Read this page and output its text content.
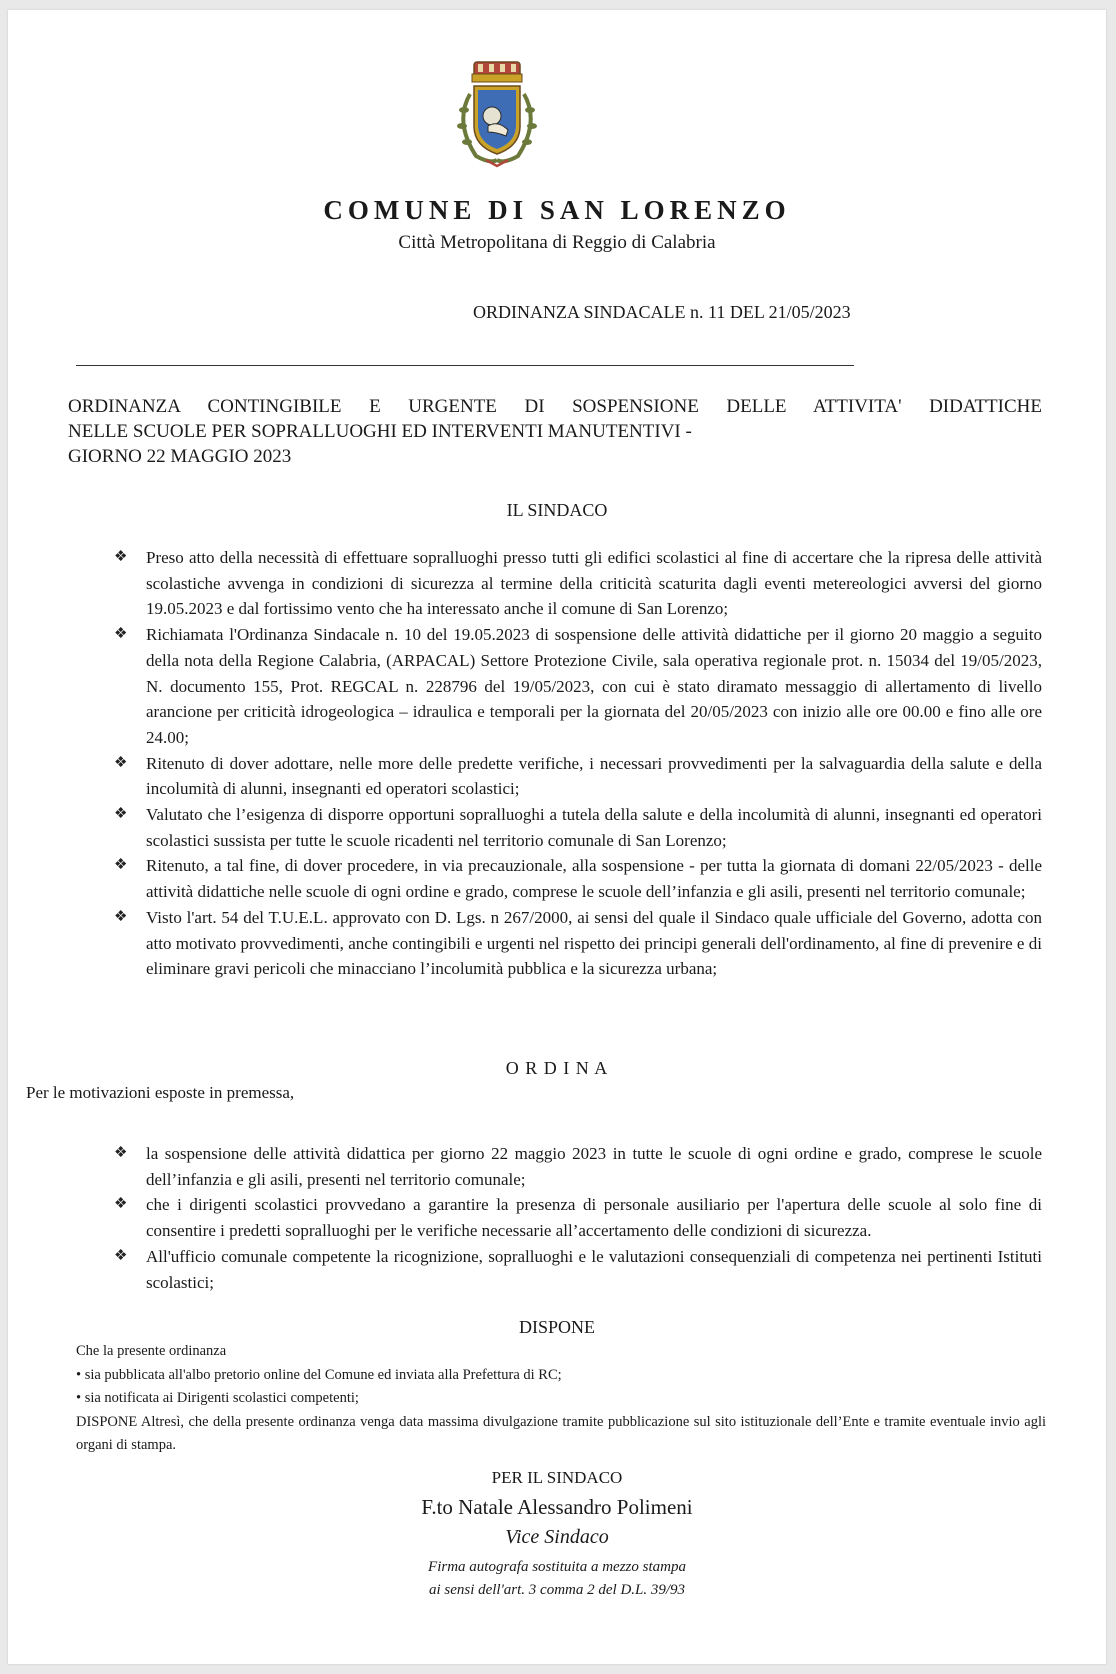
COMUNE DI SAN LORENZO
Città Metropolitana di Reggio di Calabria
ORDINANZA SINDACALE n. 11 DEL 21/05/2023
ORDINANZA CONTINGIBILE E URGENTE DI SOSPENSIONE DELLE ATTIVITA' DIDATTICHE
NELLE SCUOLE PER SOPRALLUOGHI ED INTERVENTI MANUTENTIVI -
GIORNO 22 MAGGIO 2023
IL SINDACO
❖ Preso atto della necessità di effettuare sopralluoghi presso tutti gli edifici scolastici al fine di accertare che la ripresa delle attività scolastiche avvenga in condizioni di sicurezza al termine della criticità scaturita dagli eventi metereologici avversi del giorno 19.05.2023 e dal fortissimo vento che ha interessato anche il comune di San Lorenzo;
❖ Richiamata l'Ordinanza Sindacale n. 10 del 19.05.2023 di sospensione delle attività didattiche per il giorno 20 maggio a seguito della nota della Regione Calabria, (ARPACAL) Settore Protezione Civile, sala operativa regionale prot. n. 15034 del 19/05/2023, N. documento 155, Prot. REGCAL n. 228796 del 19/05/2023, con cui è stato diramato messaggio di allertamento di livello arancione per criticità idrogeologica – idraulica e temporali per la giornata del 20/05/2023 con inizio alle ore 00.00 e fino alle ore 24.00;
❖ Ritenuto di dover adottare, nelle more delle predette verifiche, i necessari provvedimenti per la salvaguardia della salute e della incolumità di alunni, insegnanti ed operatori scolastici;
❖ Valutato che l’esigenza di disporre opportuni sopralluoghi a tutela della salute e della incolumità di alunni, insegnanti ed operatori scolastici sussista per tutte le scuole ricadenti nel territorio comunale di San Lorenzo;
❖ Ritenuto, a tal fine, di dover procedere, in via precauzionale, alla sospensione - per tutta la giornata di domani 22/05/2023 - delle attività didattiche nelle scuole di ogni ordine e grado, comprese le scuole dell’infanzia e gli asili, presenti nel territorio comunale;
❖ Visto l'art. 54 del T.U.E.L. approvato con D. Lgs. n 267/2000, ai sensi del quale il Sindaco quale ufficiale del Governo, adotta con atto motivato provvedimenti, anche contingibili e urgenti nel rispetto dei principi generali dell'ordinamento, al fine di prevenire e di eliminare gravi pericoli che minacciano l’incolumità pubblica e la sicurezza urbana;
O R D I N A
Per le motivazioni esposte in premessa,
❖ la sospensione delle attività didattica per giorno 22 maggio 2023 in tutte le scuole di ogni ordine e grado, comprese le scuole dell’infanzia e gli asili, presenti nel territorio comunale;
❖ che i dirigenti scolastici provvedano a garantire la presenza di personale ausiliario per l'apertura delle scuole al solo fine di consentire i predetti sopralluoghi per le verifiche necessarie all’accertamento delle condizioni di sicurezza.
❖ All'ufficio comunale competente la ricognizione, sopralluoghi e le valutazioni consequenziali di competenza nei pertinenti Istituti scolastici;
DISPONE
Che la presente ordinanza
• sia pubblicata all'albo pretorio online del Comune ed inviata alla Prefettura di RC;
• sia notificata ai Dirigenti scolastici competenti;
DISPONE Altresì, che della presente ordinanza venga data massima divulgazione tramite pubblicazione sul sito istituzionale dell’Ente e tramite eventuale invio agli organi di stampa.
PER IL SINDACO
F.to Natale Alessandro Polimeni
Vice Sindaco
Firma autografa sostituita a mezzo stampa
ai sensi dell'art. 3 comma 2 del D.L. 39/93
